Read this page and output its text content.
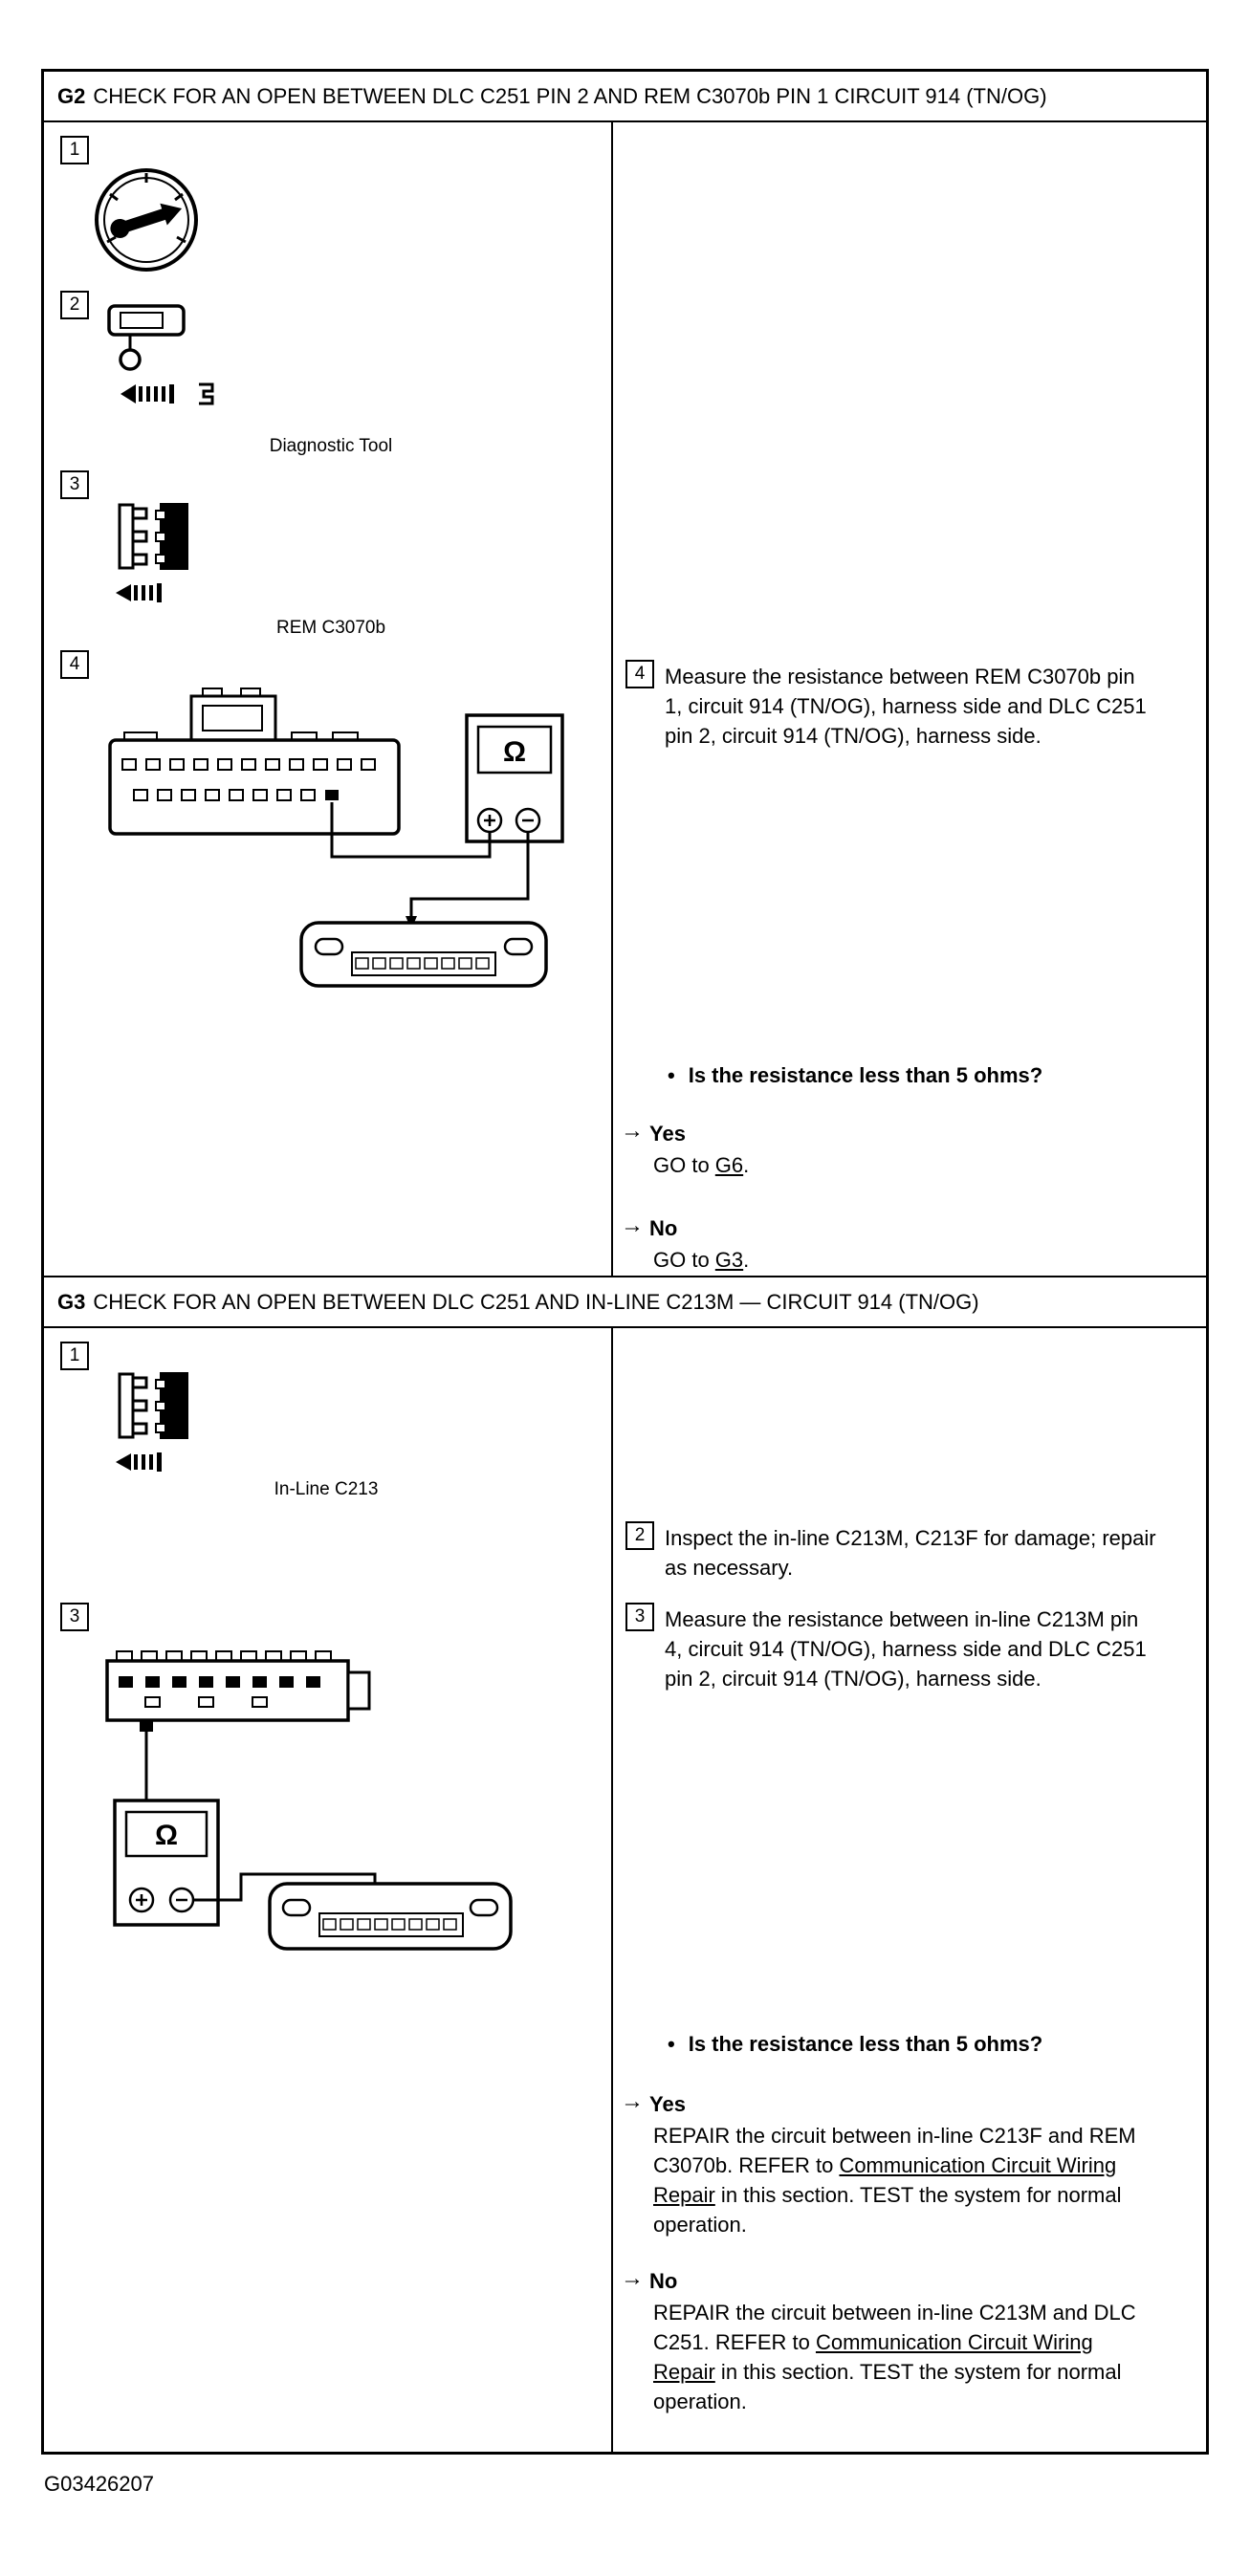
G2 CHECK FOR AN OPEN BETWEEN DLC C251 PIN 2 AND REM C3070b PIN 1 CIRCUIT 914 (TN/OG)
1
2
Diagnostic Tool
3
REM C3070b
4
Ω
4 Measure the resistance between REM C3070b pin 1, circuit 914 (TN/OG), harness side and DLC C251 pin 2, circuit 914 (TN/OG), harness side.
• Is the resistance less than 5 ohms?
→ Yes
GO to G6.
→ No
GO to G3.
G3 CHECK FOR AN OPEN BETWEEN DLC C251 AND IN-LINE C213M — CIRCUIT 914 (TN/OG)
1
In-Line C213
3
Ω
2 Inspect the in-line C213M, C213F for damage; repair as necessary.
3 Measure the resistance between in-line C213M pin 4, circuit 914 (TN/OG), harness side and DLC C251 pin 2, circuit 914 (TN/OG), harness side.
• Is the resistance less than 5 ohms?
→ Yes
REPAIR the circuit between in-line C213F and REM C3070b. REFER to Communication Circuit Wiring Repair in this section. TEST the system for normal operation.
→ No
REPAIR the circuit between in-line C213M and DLC C251. REFER to Communication Circuit Wiring Repair in this section. TEST the system for normal operation.
G03426207
